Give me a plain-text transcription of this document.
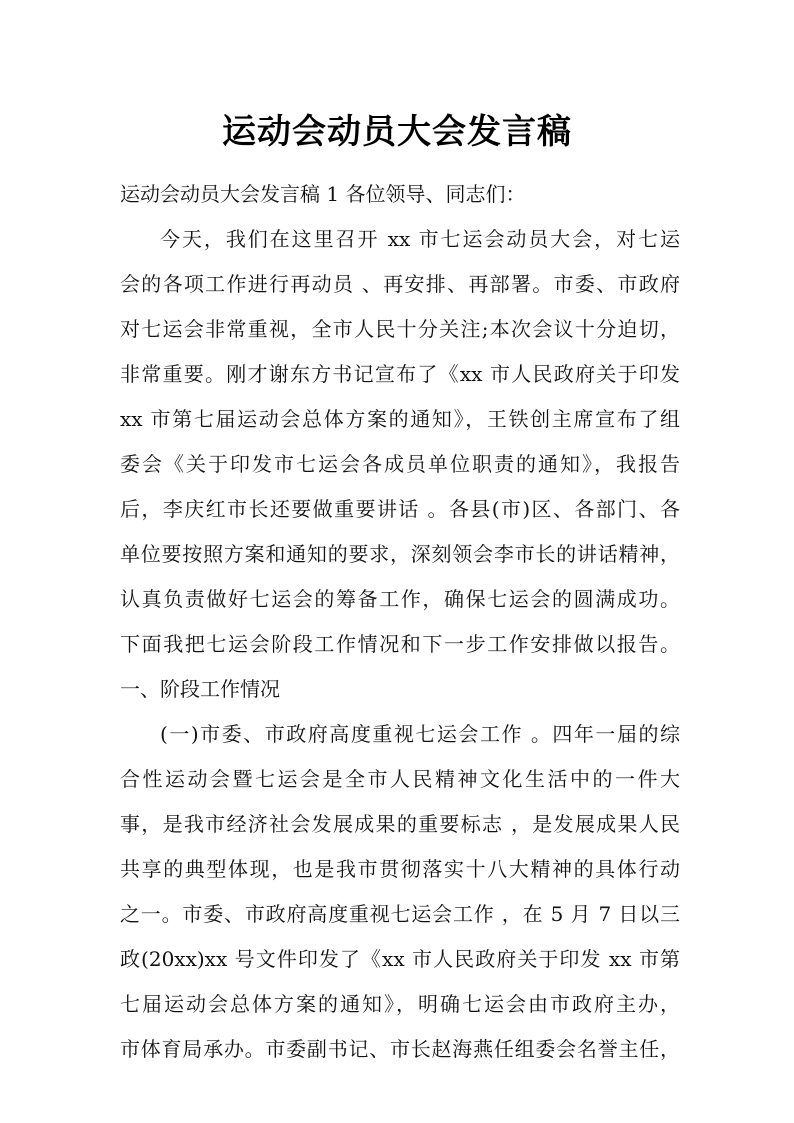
运动会动员大会发言稿
运动会动员大会发言稿 1 各位领导、同志们：
今天，我们在这里召开 xx 市七运会动员大会，对七运
会的各项工作进行再动员 、再安排、再部署。市委、市政府
对七运会非常重视，全市人民十分关注;本次会议十分迫切，
非常重要。刚才谢东方书记宣布了《xx 市人民政府关于印发
xx 市第七届运动会总体方案的通知》，王铁创主席宣布了组
委会《关于印发市七运会各成员单位职责的通知》，我报告
后，李庆红市长还要做重要讲话 。各县(市)区、各部门、各
单位要按照方案和通知的要求，深刻领会李市长的讲话精神，
认真负责做好七运会的筹备工作，确保七运会的圆满成功。
下面我把七运会阶段工作情况和下一步工作安排做以报告。
一、阶段工作情况
(一)市委、市政府高度重视七运会工作 。四年一届的综
合性运动会暨七运会是全市人民精神文化生活中的一件大
事，是我市经济社会发展成果的重要标志 ，是发展成果人民
共享的典型体现，也是我市贯彻落实十八大精神的具体行动
之一。市委、市政府高度重视七运会工作 ，在 5 月 7 日以三
政(20xx)xx 号文件印发了《xx 市人民政府关于印发 xx 市第
七届运动会总体方案的通知》，明确七运会由市政府主办，
市体育局承办。市委副书记、市长赵海燕任组委会名誉主任，
